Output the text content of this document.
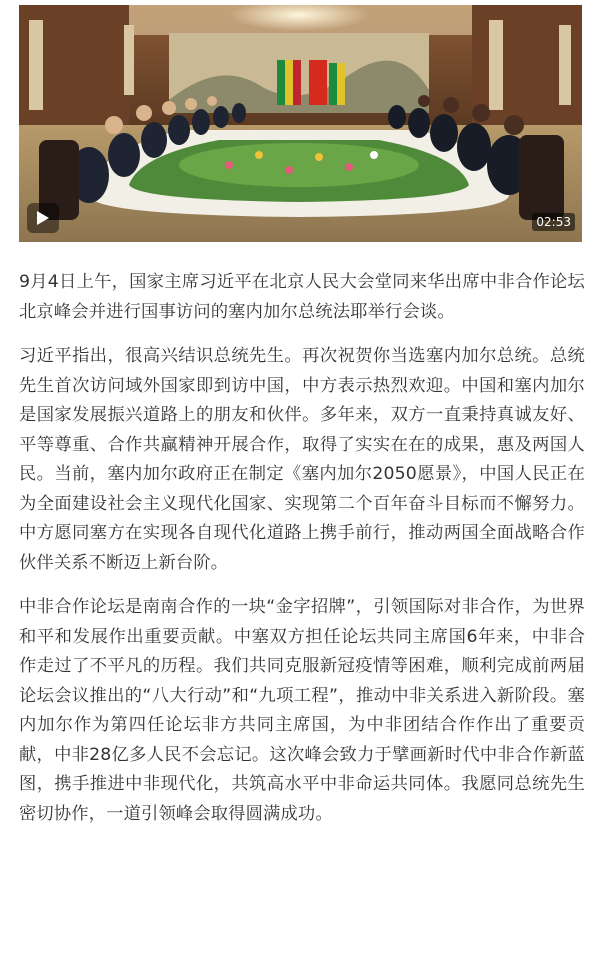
02:53

9月4日上午，国家主席习近平在北京人民大会堂同来华出席中非合作论坛北京峰会并进行国事访问的塞内加尔总统法耶举行会谈。

习近平指出，很高兴结识总统先生。再次祝贺你当选塞内加尔总统。总统先生首次访问域外国家即到访中国，中方表示热烈欢迎。中国和塞内加尔是国家发展振兴道路上的朋友和伙伴。多年来，双方一直秉持真诚友好、平等尊重、合作共赢精神开展合作，取得了实实在在的成果，惠及两国人民。当前，塞内加尔政府正在制定《塞内加尔2050愿景》，中国人民正在为全面建设社会主义现代化国家、实现第二个百年奋斗目标而不懈努力。中方愿同塞方在实现各自现代化道路上携手前行，推动两国全面战略合作伙伴关系不断迈上新台阶。

中非合作论坛是南南合作的一块“金字招牌”，引领国际对非合作，为世界和平和发展作出重要贡献。中塞双方担任论坛共同主席国6年来，中非合作走过了不平凡的历程。我们共同克服新冠疫情等困难，顺利完成前两届论坛会议推出的“八大行动”和“九项工程”，推动中非关系进入新阶段。塞内加尔作为第四任论坛非方共同主席国，为中非团结合作作出了重要贡献，中非28亿多人民不会忘记。这次峰会致力于擘画新时代中非合作新蓝图，携手推进中非现代化，共筑高水平中非命运共同体。我愿同总统先生密切协作，一道引领峰会取得圆满成功。
